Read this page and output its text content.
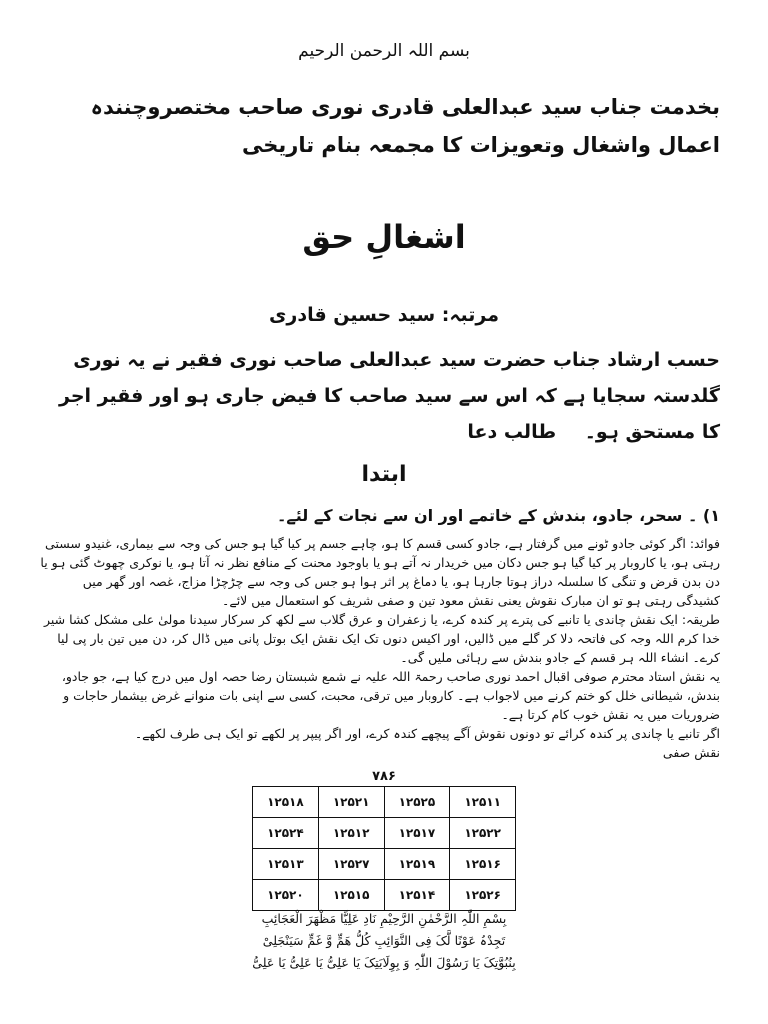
بسم اللہ الرحمن الرحیم
بخدمت جناب سید عبدالعلی قادری نوری صاحب مختصروچنندہ اعمال واشغال وتعویزات کا مجمعہ بنام تاریخی
اشغالِ حق
مرتبہ: سید حسین قادری
حسب ارشاد جناب حضرت سید عبدالعلی صاحب نوری فقیر نے یہ نوری گلدستہ سجایا ہے کہ اس سے سید صاحب کا فیض جاری ہو اور فقیر اجر کا مستحق ہو۔ طالب دعا
ابتدا
۱) ۔ سحر، جادو، بندش کے خاتمے اور ان سے نجات کے لئے۔

فوائد: اگر کوئی جادو ٹونے میں گرفتار ہے، جادو کسی قسم کا ہو، چاہے جسم پر کیا گیا ہو جس کی وجہ سے بیماری، غنیدو سستی رہتی ہو، یا کاروبار پر کیا گیا ہو جس دکان میں خریدار نہ آتے ہو یا باوجود محنت کے منافع نظر نہ آتا ہو، یا نوکری چھوٹ گئی ہو یا دن بدن قرض و تنگی کا سلسلہ دراز ہوتا جارہا ہو، یا دماغ پر اثر ہوا ہو جس کی وجہ سے چڑچڑا مزاج، غصہ اور گھر میں کشیدگی رہتی ہو تو ان مبارک نقوش یعنی نقش معود تین و صفی شریف کو استعمال میں لائے۔

طریقہ: ایک نقش چاندی یا تانبے کی پترے پر کندہ کرے، یا زعفران و عرق گلاب سے لکھ کر سرکار سیدنا مولیٰ علی مشکل کشا شیر خدا کرم اللہ وجہ کی فاتحہ دلا کر گلے میں ڈالیں، اور اکیس دنوں تک ایک نقش ایک بوتل پانی میں ڈال کر، دن میں تین بار پی لیا کرے۔ انشاء اللہ ہر قسم کے جادو بندش سے رہائی ملیں گی۔

یہ نقش استاد محترم صوفی اقبال احمد نوری صاحب رحمۃ اللہ علیہ نے شمع شبستان رضا حصہ اول میں درج کیا ہے، جو جادو، بندش، شیطانی خلل کو ختم کرنے میں لاجواب ہے۔ کاروبار میں ترقی، محبت، کسی سے اپنی بات منوانے غرض بیشمار حاجات و ضروریات میں یہ نقش خوب کام کرتا ہے۔

اگر تانبے یا چاندی پر کندہ کرائے تو دونوں نقوش آگے پیچھے کندہ کرے، اور اگر پیپر پر لکھے تو ایک ہی طرف لکھے۔

نقش صفی

۷۸۶
۱۲۵۱۱	۱۲۵۲۵	۱۲۵۲۱	۱۲۵۱۸
۱۲۵۲۲	۱۲۵۱۷	۱۲۵۱۲	۱۲۵۲۴
۱۲۵۱۶	۱۲۵۱۹	۱۲۵۲۷	۱۲۵۱۳
۱۲۵۲۶	۱۲۵۱۴	۱۲۵۱۵	۱۲۵۲۰
بِسْمِ اللّٰہِ الرَّحْمٰنِ الرَّحِیْمِ نَادِ عَلِیًّا مَظْھَرَ الْعَجَائِبِ
تَجِدْہُ عَوْنًا لَّکَ فِی النَّوَائِبِ کُلُّ ھَمٍّ وَّ غَمٍّ سَیَنْجَلِیْ
بِنُبُوَّتِکَ یَا رَسُوْلَ اللّٰہِ وَ بِوِلَایَتِکَ یَا عَلِیُّ یَا عَلِیُّ یَا عَلِیُّ
